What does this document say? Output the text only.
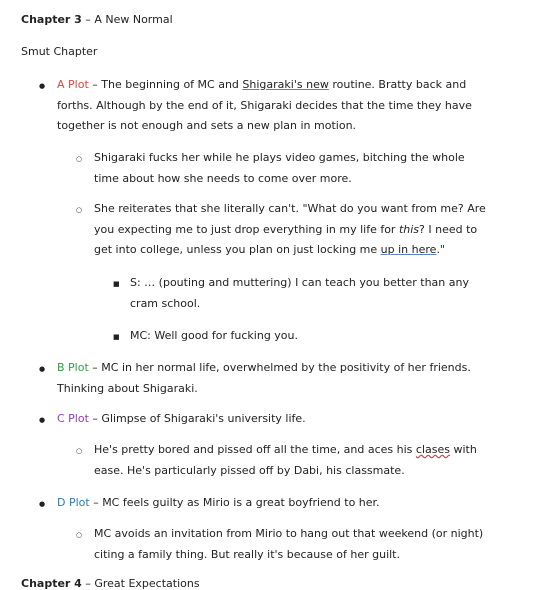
Chapter 3 – A New Normal
Smut Chapter
●
A Plot – The beginning of MC and Shigaraki's new routine. Bratty back and
forths. Although by the end of it, Shigaraki decides that the time they have
together is not enough and sets a new plan in motion.
○
Shigaraki fucks her while he plays video games, bitching the whole
time about how she needs to come over more.
○
She reiterates that she literally can't. "What do you want from me? Are
you expecting me to just drop everything in my life for this? I need to
get into college, unless you plan on just locking me up in here."
■
S: … (pouting and muttering) I can teach you better than any
cram school.
■
MC: Well good for fucking you.
●
B Plot – MC in her normal life, overwhelmed by the positivity of her friends.
Thinking about Shigaraki.
●
C Plot – Glimpse of Shigaraki's university life.
○
He's pretty bored and pissed off all the time, and aces his clases with
ease. He's particularly pissed off by Dabi, his classmate.
●
D Plot – MC feels guilty as Mirio is a great boyfriend to her.
○
MC avoids an invitation from Mirio to hang out that weekend (or night)
citing a family thing. But really it's because of her guilt.
Chapter 4 – Great Expectations
